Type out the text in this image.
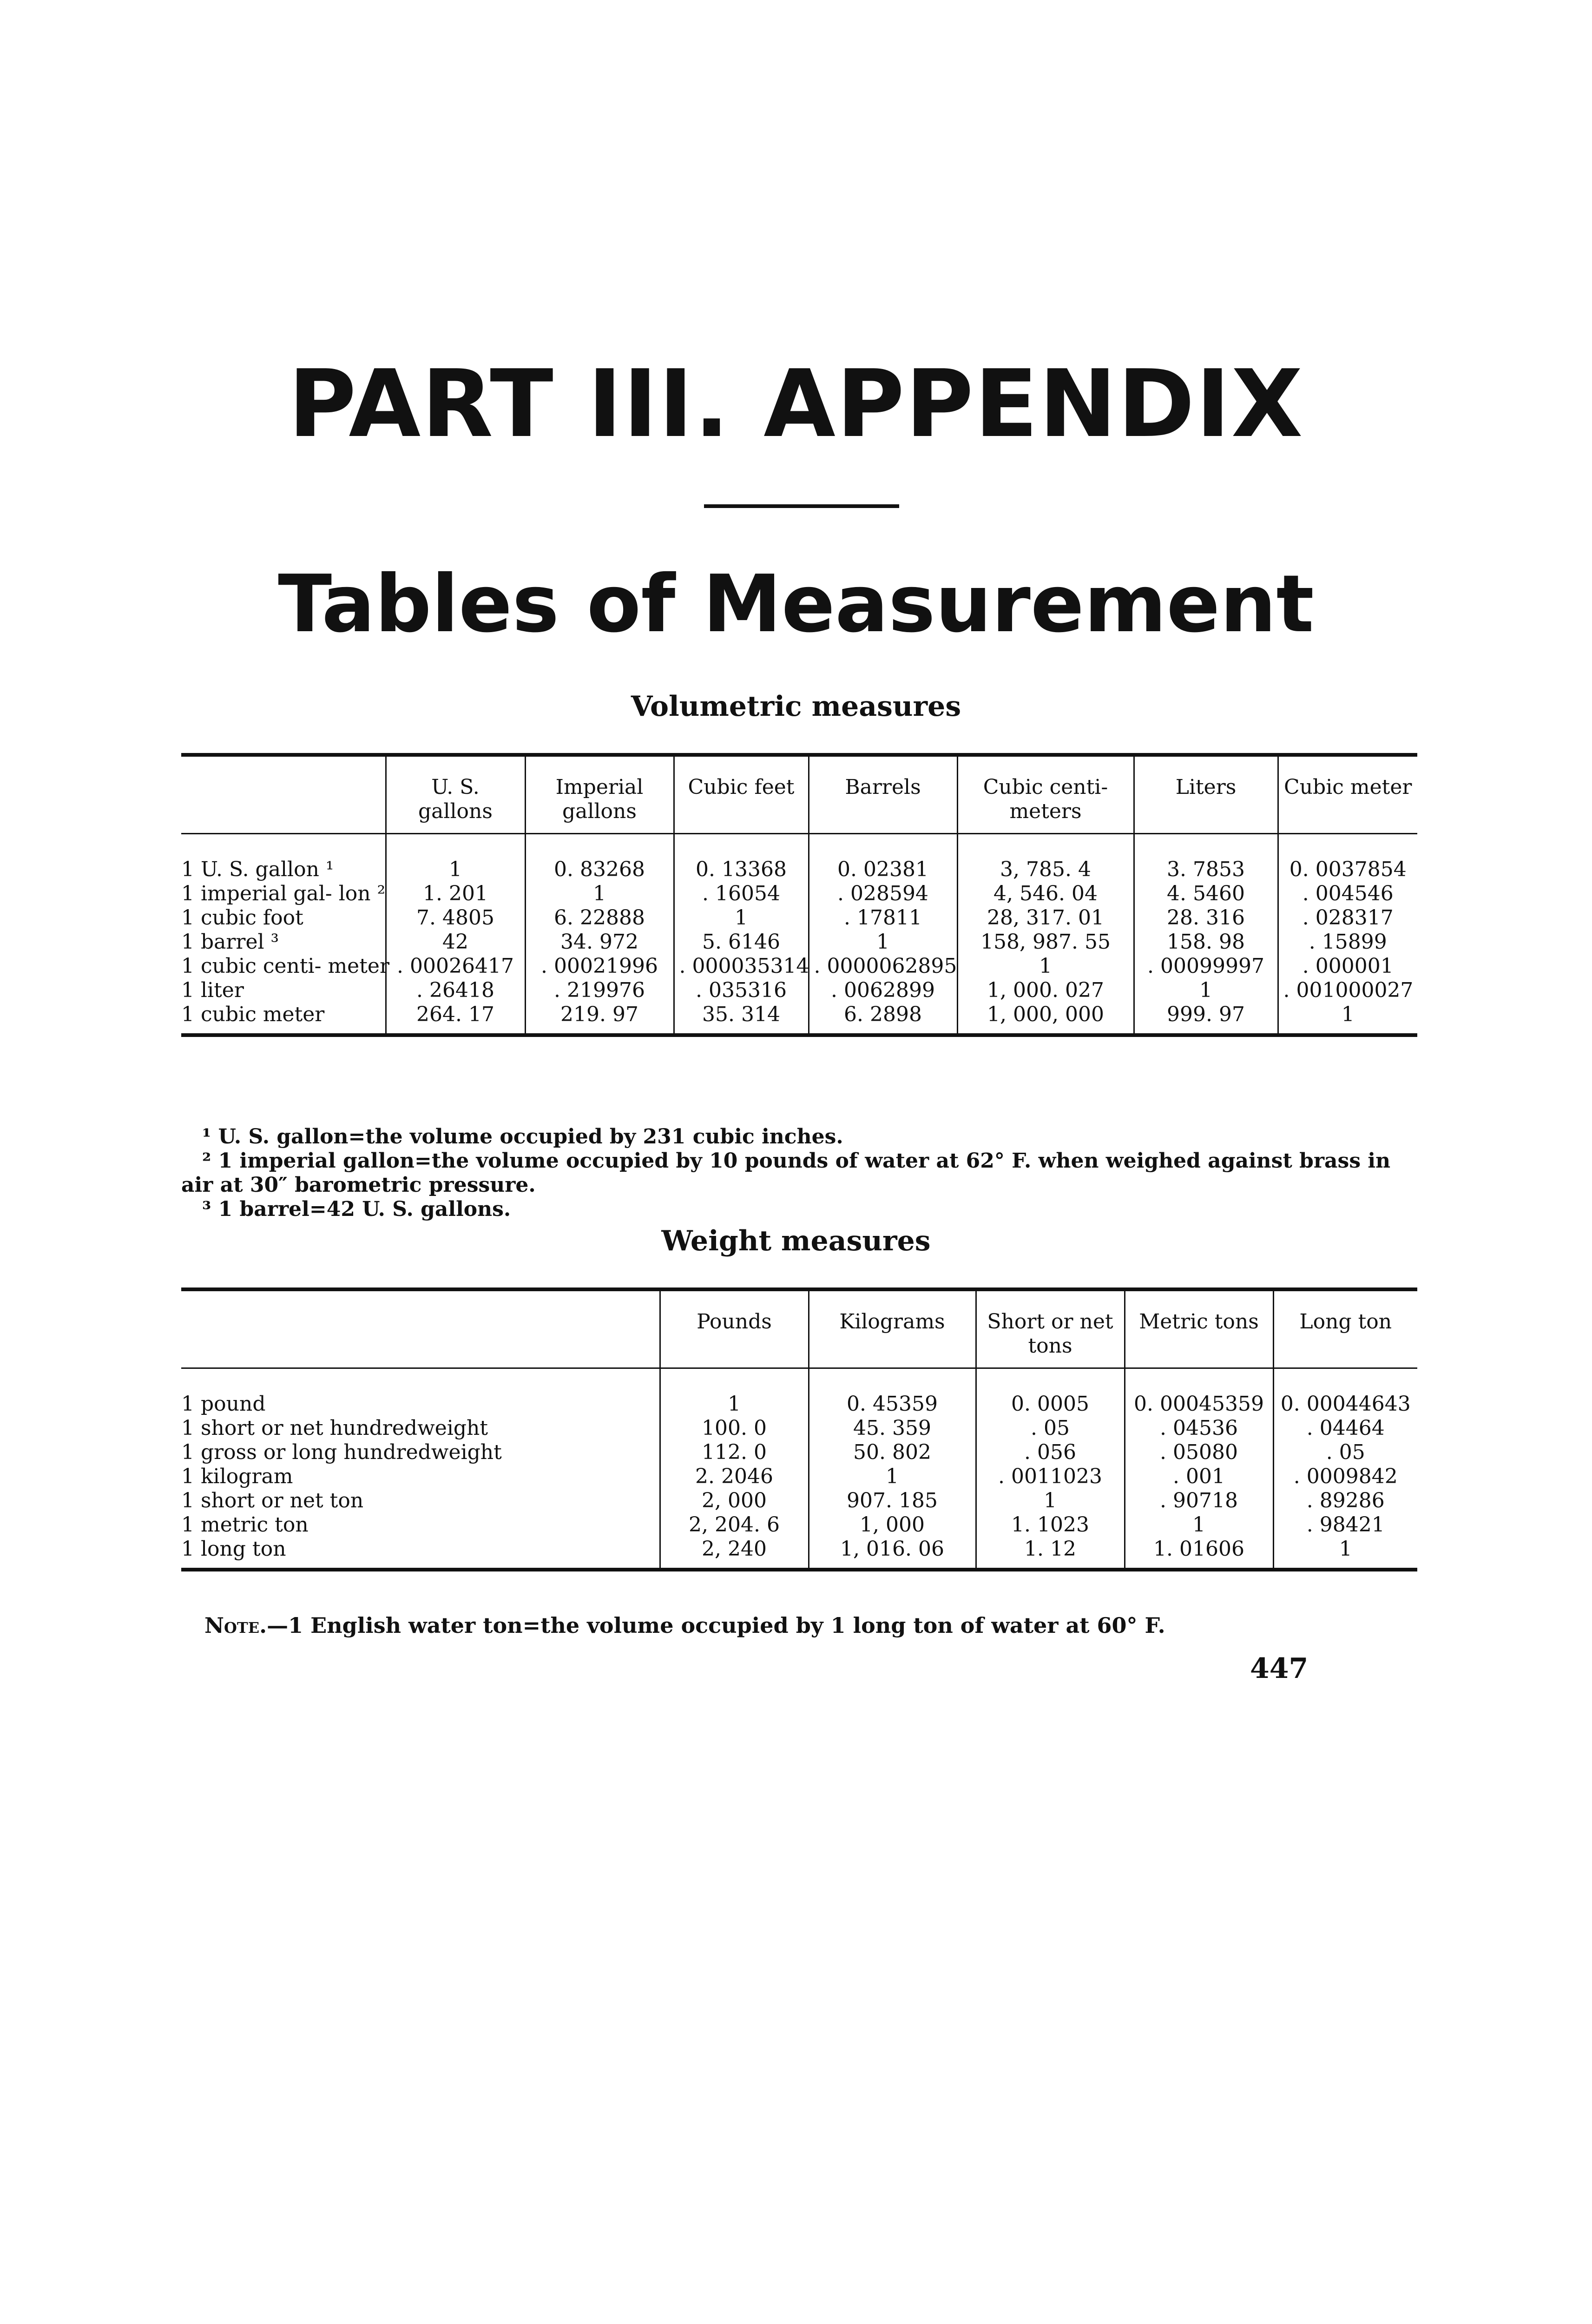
PART III. APPENDIX
Tables of Measurement
Volumetric measures
	U. S. gallons	Imperial gallons	Cubic feet	Barrels	Cubic centi- meters	Liters	Cubic meter
1 U. S. gallon ¹	1	0. 83268	0. 13368	0. 02381	3, 785. 4	3. 7853	0. 0037854
1 imperial gal- lon ²	1. 201	1	. 16054	. 028594	4, 546. 04	4. 5460	. 004546
1 cubic foot	7. 4805	6. 22888	1	. 17811	28, 317. 01	28. 316	. 028317
1 barrel ³	42	34. 972	5. 6146	1	158, 987. 55	158. 98	. 15899
1 cubic centi- meter	. 00026417	. 00021996	. 000035314	. 0000062895	1	. 00099997	. 000001
1 liter	. 26418	. 219976	. 035316	. 0062899	1, 000. 027	1	. 001000027
1 cubic meter	264. 17	219. 97	35. 314	6. 2898	1, 000, 000	999. 97	1

¹ U. S. gallon=the volume occupied by 231 cubic inches.

² 1 imperial gallon=the volume occupied by 10 pounds of water at 62° F. when weighed against brass in

air at 30″ barometric pressure.

³ 1 barrel=42 U. S. gallons.

Weight measures
	Pounds	Kilograms	Short or net tons	Metric tons	Long ton
1 pound	1	0. 45359	0. 0005	0. 00045359	0. 00044643
1 short or net hundredweight	100. 0	45. 359	. 05	. 04536	. 04464
1 gross or long hundredweight	112. 0	50. 802	. 056	. 05080	. 05
1 kilogram	2. 2046	1	. 0011023	. 001	. 0009842
1 short or net ton	2, 000	907. 185	1	. 90718	. 89286
1 metric ton	2, 204. 6	1, 000	1. 1023	1	. 98421
1 long ton	2, 240	1, 016. 06	1. 12	1. 01606	1
Note.—1 English water ton=the volume occupied by 1 long ton of water at 60° F.
447
